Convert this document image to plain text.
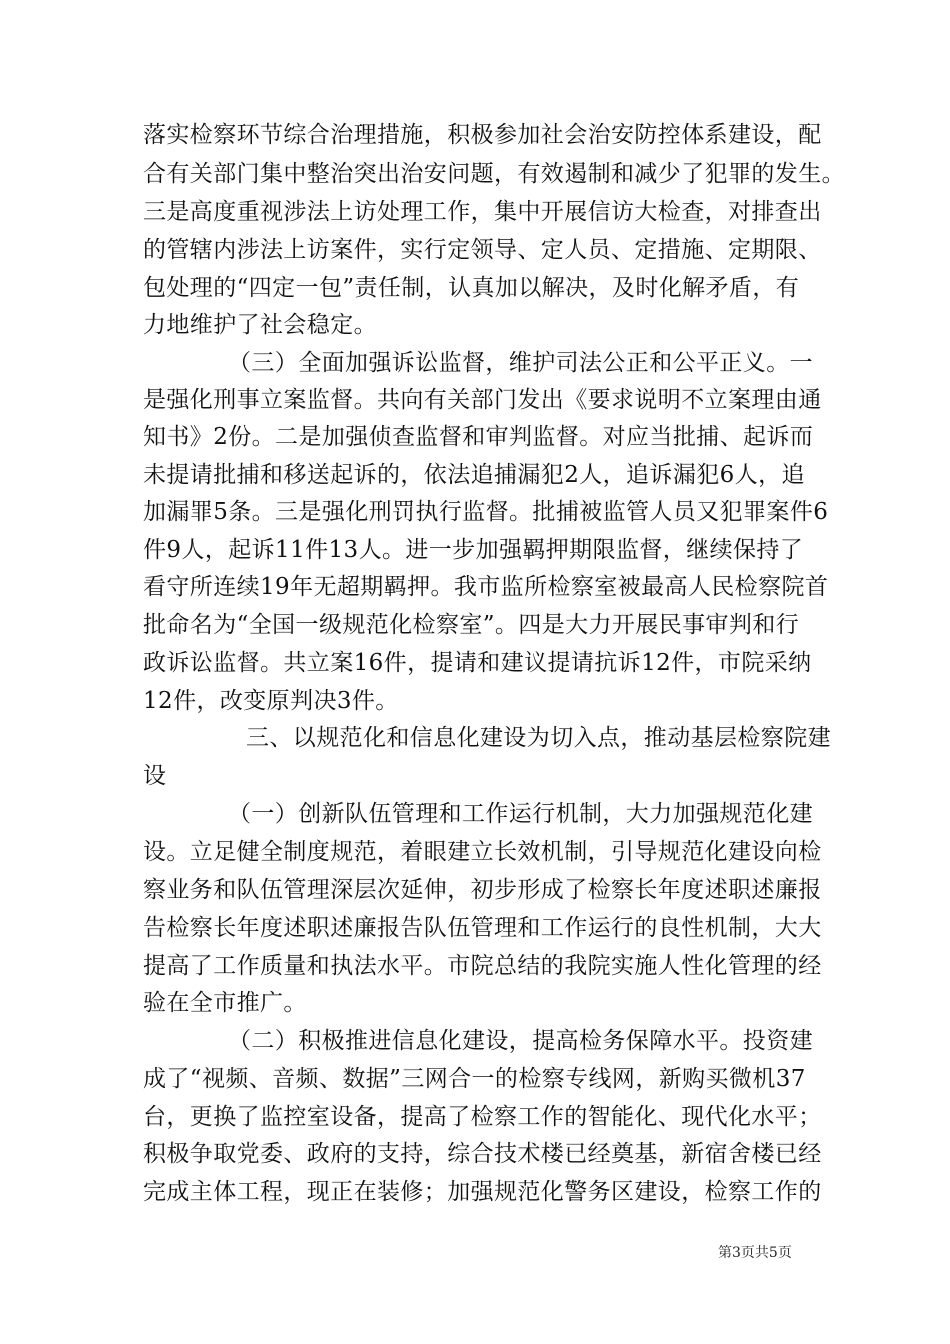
落实检察环节综合治理措施，积极参加社会治安防控体系建设，配
合有关部门集中整治突出治安问题，有效遏制和减少了犯罪的发生。
三是高度重视涉法上访处理工作，集中开展信访大检查，对排查出
的管辖内涉法上访案件，实行定领导、定人员、定措施、定期限、
包处理的“四定一包”责任制，认真加以解决，及时化解矛盾，有
力地维护了社会稳定。
（三）全面加强诉讼监督，维护司法公正和公平正义。一
是强化刑事立案监督。共向有关部门发出《要求说明不立案理由通
知书》2份。二是加强侦查监督和审判监督。对应当批捕、起诉而
未提请批捕和移送起诉的，依法追捕漏犯2人，追诉漏犯6人，追
加漏罪5条。三是强化刑罚执行监督。批捕被监管人员又犯罪案件6
件9人，起诉11件13人。进一步加强羁押期限监督，继续保持了
看守所连续19年无超期羁押。我市监所检察室被最高人民检察院首
批命名为“全国一级规范化检察室”。四是大力开展民事审判和行
政诉讼监督。共立案16件，提请和建议提请抗诉12件，市院采纳
12件，改变原判决3件。
三、以规范化和信息化建设为切入点，推动基层检察院建
设
（一）创新队伍管理和工作运行机制，大力加强规范化建
设。立足健全制度规范，着眼建立长效机制，引导规范化建设向检
察业务和队伍管理深层次延伸，初步形成了检察长年度述职述廉报
告检察长年度述职述廉报告队伍管理和工作运行的良性机制，大大
提高了工作质量和执法水平。市院总结的我院实施人性化管理的经
验在全市推广。
（二）积极推进信息化建设，提高检务保障水平。投资建
成了“视频、音频、数据”三网合一的检察专线网，新购买微机37
台，更换了监控室设备，提高了检察工作的智能化、现代化水平；
积极争取党委、政府的支持，综合技术楼已经奠基，新宿舍楼已经
完成主体工程，现正在装修；加强规范化警务区建设，检察工作的
第3页共5页
